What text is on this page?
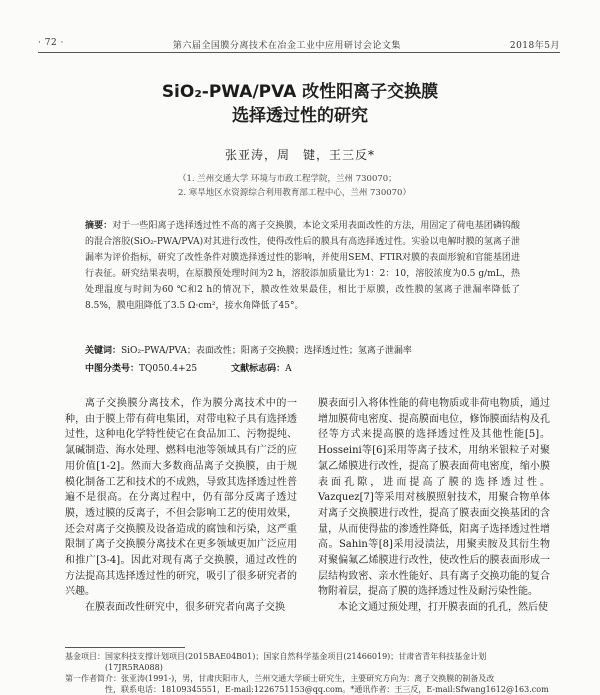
· 72 ·	第六届全国膜分离技术在冶金工业中应用研讨会论文集	2018年5月
SiO₂-PWA/PVA 改性阳离子交换膜
选择透过性的研究
张亚涛，周　键，王三反*
（1. 兰州交通大学 环境与市政工程学院，兰州 730070；
2. 寒旱地区水资源综合利用教育部工程中心，兰州 730070）
摘要：对于一些阳离子选择透过性不高的离子交换膜，本论文采用表面改性的方法，用固定了荷电基团磷钨酸的混合溶胶(SiO₂-PWA/PVA)对其进行改性，使得改性后的膜具有高选择透过性。实验以电解时膜的氢离子泄漏率为评价指标，研究了改性条件对膜选择透过性的影响，并使用SEM、FTIR对膜的表面形貌和官能基团进行表征。研究结果表明，在原膜预处理时间为2 h，溶胶添加质量比为1：2：10，溶胶浓度为0.5 g/mL，热处理温度与时间为60 ℃和2 h的情况下，膜改性效果最佳，相比于原膜，改性膜的氢离子泄漏率降低了8.5%，膜电阻降低了3.5 Ω·cm²，接水角降低了45°。
关键词：SiO₂-PWA/PVA；表面改性；阳离子交换膜；选择透过性；氢离子泄漏率
中图分类号：TQ050.4+25	文献标志码：A

离子交换膜分离技术，作为膜分离技术中的一种，由于膜上带有荷电集团，对带电粒子具有选择透过性，这种电化学特性使它在食品加工、污物提纯、氯碱制造、海水处理、燃料电池等领域具有广泛的应用价值[1-2]。然而大多数商品离子交换膜，由于规模化制备工艺和技术的不成熟，导致其选择透过性普遍不是很高。在分离过程中，仍有部分反离子透过膜，透过膜的反离子，不但会影响工艺的使用效果，还会对离子交换膜及设备造成的腐蚀和污染，这严重限制了离子交换膜分离技术在更多领域更加广泛应用和推广[3-4]。因此对现有离子交换膜，通过改性的方法提高其选择透过性的研究，吸引了很多研究者的兴趣。

在膜表面改性研究中，很多研究者向离子交换

膜表面引入将体性能的荷电物质或非荷电物质，通过增加膜荷电密度、提高膜面电位，修饰膜面结构及孔径等方式来提高膜的选择透过性及其他性能[5]。Hosseini等[6]采用等离子技术，用纳米银粒子对聚氯乙烯膜进行改性，提高了膜表面荷电密度，缩小膜表面孔隙，进而提高了膜的选择透过性。Vazquez[7]等采用对核膜照射技术，用聚合物单体对离子交换膜进行改性，提高了膜表面交换基团的含量，从而使得盐的渗透性降低，阳离子选择透过性增高。Sahin等[8]采用浸渍法，用聚卖胺及其衍生物对聚偏氟乙烯膜进行改性，使改性后的膜表面形成一层结构致密、亲水性能好、具有离子交换功能的复合物附着层，提高了膜的选择透过性及耐污染性能。

本论文通过预处理，打开膜表面的孔孔，然后使

基金项目：国家科技支撑计划项目(2015BAE04B01)；国家自然科学基金项目(21466019)；甘肃省青年科技基金计划
(17JR5RA088)
第一作者简介：张亚涛(1991-)，男，甘肃庆阳市人，兰州交通大学硕士研究生，主要研究方向为：离子交换膜的制备及改
性，联系电话：18109345551，E-mail:1226751153@qq.com。*通讯作者：王三反，E-mail:Sfwang1612@163.com
